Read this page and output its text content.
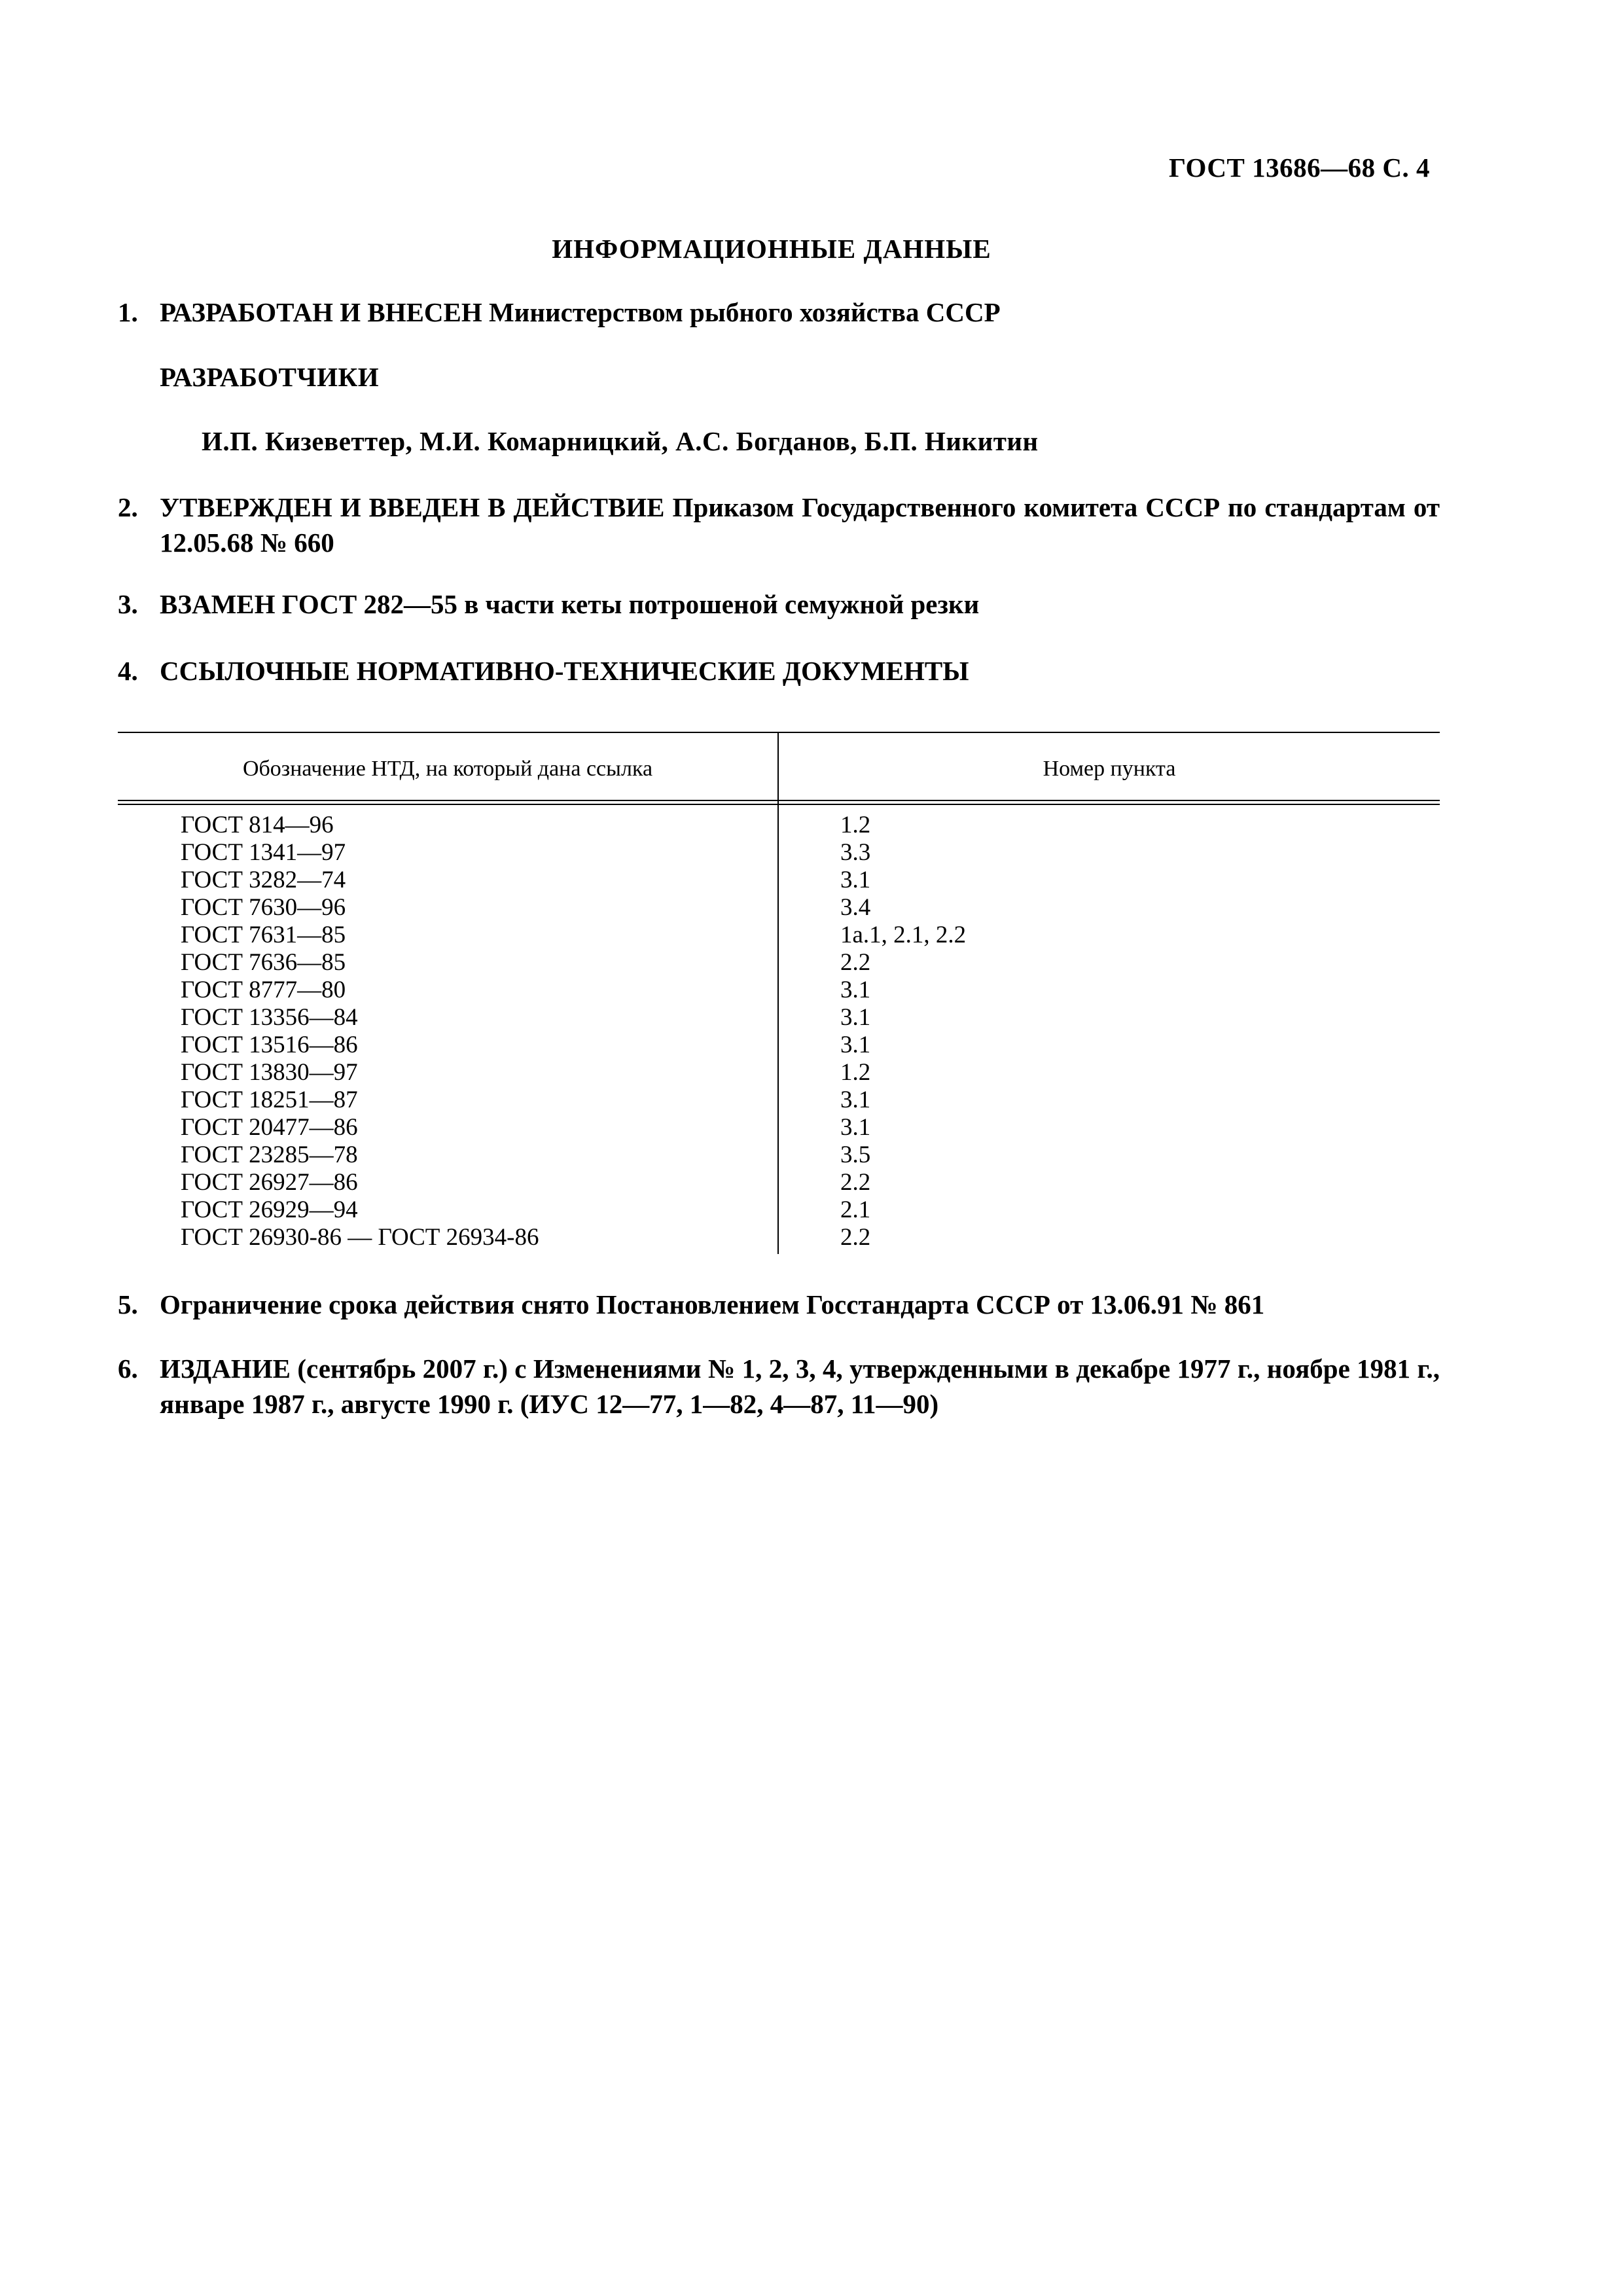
ГОСТ 13686—68 С. 4
ИНФОРМАЦИОННЫЕ ДАННЫЕ
1. РАЗРАБОТАН И ВНЕСЕН Министерством рыбного хозяйства СССР
РАЗРАБОТЧИКИ
И.П. Кизеветтер, М.И. Комарницкий, А.С. Богданов, Б.П. Никитин
2. УТВЕРЖДЕН И ВВЕДЕН В ДЕЙСТВИЕ Приказом Государственного комитета СССР по стандартам от 12.05.68 № 660
3. ВЗАМЕН ГОСТ 282—55 в части кеты потрошеной семужной резки
4. ССЫЛОЧНЫЕ НОРМАТИВНО-ТЕХНИЧЕСКИЕ ДОКУМЕНТЫ
Обозначение НТД, на который дана ссылка	Номер пункта
ГОСТ 814—96	1.2
ГОСТ 1341—97	3.3
ГОСТ 3282—74	3.1
ГОСТ 7630—96	3.4
ГОСТ 7631—85	1а.1, 2.1, 2.2
ГОСТ 7636—85	2.2
ГОСТ 8777—80	3.1
ГОСТ 13356—84	3.1
ГОСТ 13516—86	3.1
ГОСТ 13830—97	1.2
ГОСТ 18251—87	3.1
ГОСТ 20477—86	3.1
ГОСТ 23285—78	3.5
ГОСТ 26927—86	2.2
ГОСТ 26929—94	2.1
ГОСТ 26930-86 — ГОСТ 26934-86	2.2
5. Ограничение срока действия снято Постановлением Госстандарта СССР от 13.06.91 № 861
6. ИЗДАНИЕ (сентябрь 2007 г.) с Изменениями № 1, 2, 3, 4, утвержденными в декабре 1977 г., ноябре 1981 г., январе 1987 г., августе 1990 г. (ИУС 12—77, 1—82, 4—87, 11—90)
